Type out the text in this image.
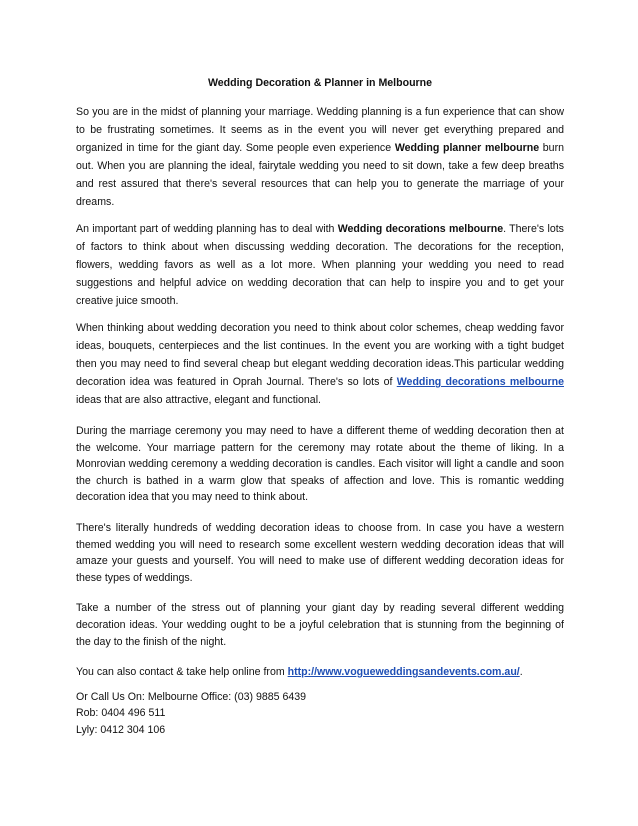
Wedding Decoration & Planner in Melbourne

So you are in the midst of planning your marriage. Wedding planning is a fun experience that can show to be frustrating sometimes. It seems as in the event you will never get everything prepared and organized in time for the giant day. Some people even experience Wedding planner melbourne burn out. When you are planning the ideal, fairytale wedding you need to sit down, take a few deep breaths and rest assured that there's several resources that can help you to generate the marriage of your dreams.

An important part of wedding planning has to deal with Wedding decorations melbourne. There's lots of factors to think about when discussing wedding decoration. The decorations for the reception, flowers, wedding favors as well as a lot more. When planning your wedding you need to read suggestions and helpful advice on wedding decoration that can help to inspire you and to get your creative juice smooth.

When thinking about wedding decoration you need to think about color schemes, cheap wedding favor ideas, bouquets, centerpieces and the list continues. In the event you are working with a tight budget then you may need to find several cheap but elegant wedding decoration ideas.This particular wedding decoration idea was featured in Oprah Journal. There's so lots of Wedding decorations melbourne ideas that are also attractive, elegant and functional.

During the marriage ceremony you may need to have a different theme of wedding decoration then at the welcome. Your marriage pattern for the ceremony may rotate about the theme of liking. In a Monrovian wedding ceremony a wedding decoration is candles. Each visitor will light a candle and soon the church is bathed in a warm glow that speaks of affection and love. This is romantic wedding decoration idea that you may need to think about.

There's literally hundreds of wedding decoration ideas to choose from. In case you have a western themed wedding you will need to research some excellent western wedding decoration ideas that will amaze your guests and yourself. You will need to make use of different wedding decoration ideas for these types of weddings.

Take a number of the stress out of planning your giant day by reading several different wedding decoration ideas. Your wedding ought to be a joyful celebration that is stunning from the beginning of the day to the finish of the night.

You can also contact & take help online from http://www.vogueweddingsandevents.com.au/.

Or Call Us On: Melbourne Office: (03) 9885 6439
Rob: 0404 496 511
Lyly: 0412 304 106
